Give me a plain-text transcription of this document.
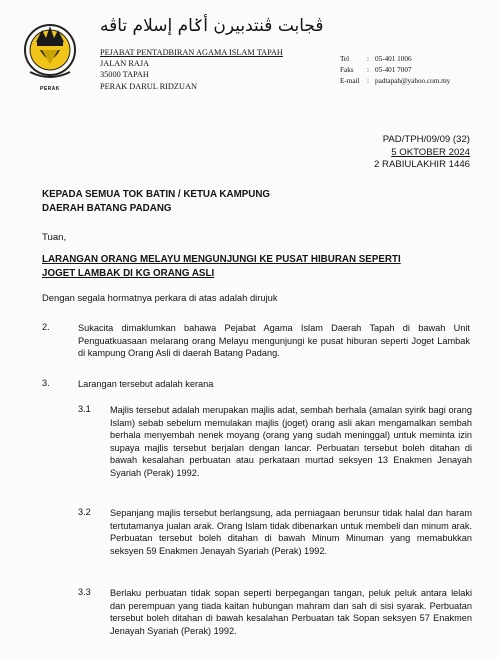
PERAK
ڤجابت ڤنتدبيرن أݢام إسلام تاڤه
PEJABAT PENTADBIRAN AGAMA ISLAM TAPAH
JALAN RAJA
35000 TAPAH
PERAK DARUL RIDZUAN
Tel : 05-401 1006
Faks : 05-401 7007
E-mail : padtapah@yahoo.com.my
PAD/TPH/09/09 (32)
5 OKTOBER 2024
2 RABIULAKHIR 1446
KEPADA SEMUA TOK BATIN / KETUA KAMPUNG
DAERAH BATANG PADANG
Tuan,
LARANGAN ORANG MELAYU MENGUNJUNGI KE PUSAT HIBURAN SEPERTI
JOGET LAMBAK DI KG ORANG ASLI
Dengan segala hormatnya perkara di atas adalah dirujuk
2.	Sukacita dimaklumkan bahawa Pejabat Agama Islam Daerah Tapah di bawah Unit Penguatkuasaan melarang orang Melayu mengunjungi ke pusat hiburan seperti Joget Lambak di kampung Orang Asli di daerah Batang Padang.
3.	Larangan tersebut adalah kerana
3.1 Majlis tersebut adalah merupakan majlis adat, sembah berhala (amalan syirik bagi orang Islam) sebab sebelum memulakan majlis (joget) orang asli akan mengamalkan sembah berhala menyembah nenek moyang (orang yang sudah meninggal) untuk meminta izin supaya majlis tersebut berjalan dengan lancar. Perbuatan tersebut boleh ditahan di bawah kesalahan perbuatan atau perkataan murtad seksyen 13 Enakmen Jenayah Syariah (Perak) 1992.
3.2 Sepanjang majlis tersebut berlangsung, ada perniagaan berunsur tidak halal dan haram tertutamanya jualan arak. Orang Islam tidak dibenarkan untuk membeli dan minum arak. Perbuatan tersebut boleh ditahan di bawah Minum Minuman yang memabukkan seksyen 59 Enakmen Jenayah Syariah (Perak) 1992.
3.3 Berlaku perbuatan tidak sopan seperti berpegangan tangan, peluk peluk antara lelaki dan perempuan yang tiada kaitan hubungan mahram dan sah di sisi syarak. Perbuatan tersebut boleh ditahan di bawah kesalahan Perbuatan tak Sopan seksyen 57 Enakmen Jenayah Syariah (Perak) 1992.
